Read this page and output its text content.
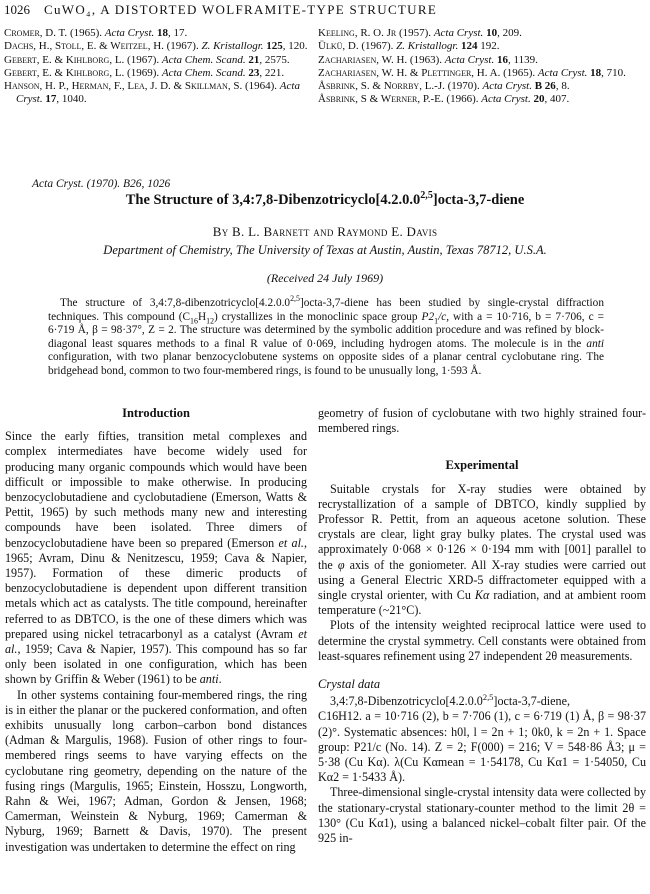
1026 CuWO₄, A DISTORTED WOLFRAMITE-TYPE STRUCTURE
Cromer, D. T. (1965). Acta Cryst. 18, 17.
Dachs, H., Stoll, E. & Weitzel, H. (1967). Z. Kristallogr. 125, 120.
Gebert, E. & Kihlborg, L. (1967). Acta Chem. Scand. 21, 2575.
Gebert, E. & Kihlborg, L. (1969). Acta Chem. Scand. 23, 221.
Hanson, H. P., Herman, F., Lea, J. D. & Skillman, S. (1964). Acta Cryst. 17, 1040.
Keeling, R. O. Jr (1957). Acta Cryst. 10, 209.
Ülkü, D. (1967). Z. Kristallogr. 124 192.
Zachariasen, W. H. (1963). Acta Cryst. 16, 1139.
Zachariasen, W. H. & Plettinger, H. A. (1965). Acta Cryst. 18, 710.
Åsbrink, S. & Norrby, L.-J. (1970). Acta Cryst. B 26, 8.
Åsbrink, S & Werner, P.-E. (1966). Acta Cryst. 20, 407.
Acta Cryst. (1970). B26, 1026
The Structure of 3,4:7,8-Dibenzotricyclo[4.2.0.0$^{2,5}$]octa-3,7-diene
By B. L. Barnett and Raymond E. Davis
Department of Chemistry, The University of Texas at Austin, Austin, Texas 78712, U.S.A.
(Received 24 July 1969)
The structure of 3,4:7,8-dibenzotricyclo[4.2.0.0$^{2,5}$]octa-3,7-diene has been studied by single-crystal diffraction techniques. This compound $(C_{16}H_{12})$ crystallizes in the monoclinic space group $P2_1/c$, with a = 10·716, b = 7·706, c = 6·719 Å, β = 98·37°, Z = 2. The structure was determined by the symbolic addition procedure and was refined by block-diagonal least squares methods to a final R value of 0·069, including hydrogen atoms. The molecule is in the anti configuration, with two planar benzocyclobutene systems on opposite sides of a planar central cyclobutane ring. The bridgehead bond, common to two four-membered rings, is found to be unusually long, 1·593 Å.
Introduction

Since the early fifties, transition metal complexes and complex intermediates have become widely used for producing many organic compounds which would have been difficult or impossible to make otherwise. In producing benzocyclobutadiene and cyclobutadiene (Emerson, Watts & Pettit, 1965) by such methods many new and interesting compounds have been isolated. Three dimers of benzocyclobutadiene have been so prepared (Emerson et al., 1965; Avram, Dinu & Nenitzescu, 1959; Cava & Napier, 1957). Formation of these dimeric products of benzocyclobutadiene is dependent upon different transition metals which act as catalysts. The title compound, hereinafter referred to as DBTCO, is the one of these dimers which was prepared using nickel tetracarbonyl as a catalyst (Avram et al., 1959; Cava & Napier, 1957). This compound has so far only been isolated in one configuration, which has been shown by Griffin & Weber (1961) to be anti.

In other systems containing four-membered rings, the ring is in either the planar or the puckered conformation, and often exhibits unusually long carbon–carbon bond distances (Adman & Margulis, 1968). Fusion of other rings to four-membered rings seems to have varying effects on the cyclobutane ring geometry, depending on the nature of the fusing rings (Margulis, 1965; Einstein, Hosszu, Longworth, Rahn & Wei, 1967; Adman, Gordon & Jensen, 1968; Camerman, Weinstein & Nyburg, 1969; Camerman & Nyburg, 1969; Barnett & Davis, 1970). The present investigation was undertaken to determine the effect on ring

geometry of fusion of cyclobutane with two highly strained four-membered rings.

Experimental

Suitable crystals for X-ray studies were obtained by recrystallization of a sample of DBTCO, kindly supplied by Professor R. Pettit, from an aqueous acetone solution. These crystals are clear, light gray bulky plates. The crystal used was approximately 0·068 × 0·126 × 0·194 mm with [001] parallel to the φ axis of the goniometer. All X-ray studies were carried out using a General Electric XRD-5 diffractometer equipped with a single crystal orienter, with Cu Kα radiation, and at ambient room temperature (~21°C).

Plots of the intensity weighted reciprocal lattice were used to determine the crystal symmetry. Cell constants were obtained from least-squares refinement using 27 independent 2θ measurements.

Crystal data

3,4:7,8-Dibenzotricyclo[4.2.0.0$^{2,5}$]octa-3,7-diene,

C16H12. a = 10·716 (2), b = 7·706 (1), c = 6·719 (1) Å, β = 98·37 (2)°. Systematic absences: h0l, l = 2n + 1; 0k0, k = 2n + 1. Space group: P21/c (No. 14). Z = 2; F(000) = 216; V = 548·86 Å3; μ = 5·38 (Cu Kα). λ(Cu Kαmean = 1·54178, Cu Kα1 = 1·54050, Cu Kα2 = 1·5433 Å).

Three-dimensional single-crystal intensity data were collected by the stationary-crystal stationary-counter method to the limit 2θ = 130° (Cu Kα1), using a balanced nickel–cobalt filter pair. Of the 925 in-
